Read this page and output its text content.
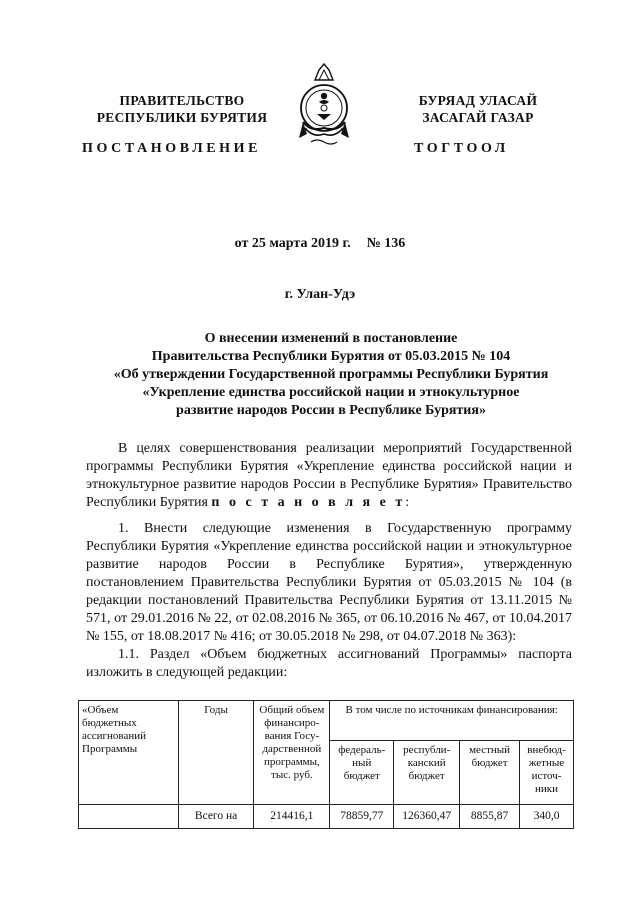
ПРАВИТЕЛЬСТВО
РЕСПУБЛИКИ БУРЯТИЯ
БУРЯАД УЛАСАЙ
ЗАСАГАЙ ГАЗАР
ПОСТАНОВЛЕНИЕ	ТОГТООЛ
от 25 марта 2019 г. № 136
г. Улан-Удэ
О внесении изменений в постановление
Правительства Республики Бурятия от 05.03.2015 № 104
«Об утверждении Государственной программы Республики Бурятия
«Укрепление единства российской нации и этнокультурное
развитие народов России в Республике Бурятия»

В целях совершенствования реализации мероприятий Государственной программы Республики Бурятия «Укрепление единства российской нации и этнокультурное развитие народов России в Республике Бурятия» Правительство Республики Бурятия п о с т а н о в л я е т:

1. Внести следующие изменения в Государственную программу Республики Бурятия «Укрепление единства российской нации и этнокультурное развитие народов России в Республике Бурятия», утвержденную постановлением Правительства Республики Бурятия от 05.03.2015 № 104 (в редакции постановлений Правительства Республики Бурятия от 13.11.2015 № 571, от 29.01.2016 № 22, от 02.08.2016 № 365, от 06.10.2016 № 467, от 10.04.2017 № 155, от 18.08.2017 № 416; от 30.05.2018 № 298, от 04.07.2018 № 363):

1.1. Раздел «Объем бюджетных ассигнований Программы» паспорта изложить в следующей редакции:

«Объем бюджетных ассигнований Программы	Годы	Общий объем финансиро-вания Госу-дарственной программы, тыс. руб.	В том числе по источникам финансирования:			
			федераль-ный бюджет	республи-канский бюджет	местный бюджет	внебюд-жетные источ-ники
	Всего на	214416,1	78859,77	126360,47	8855,87	340,0
